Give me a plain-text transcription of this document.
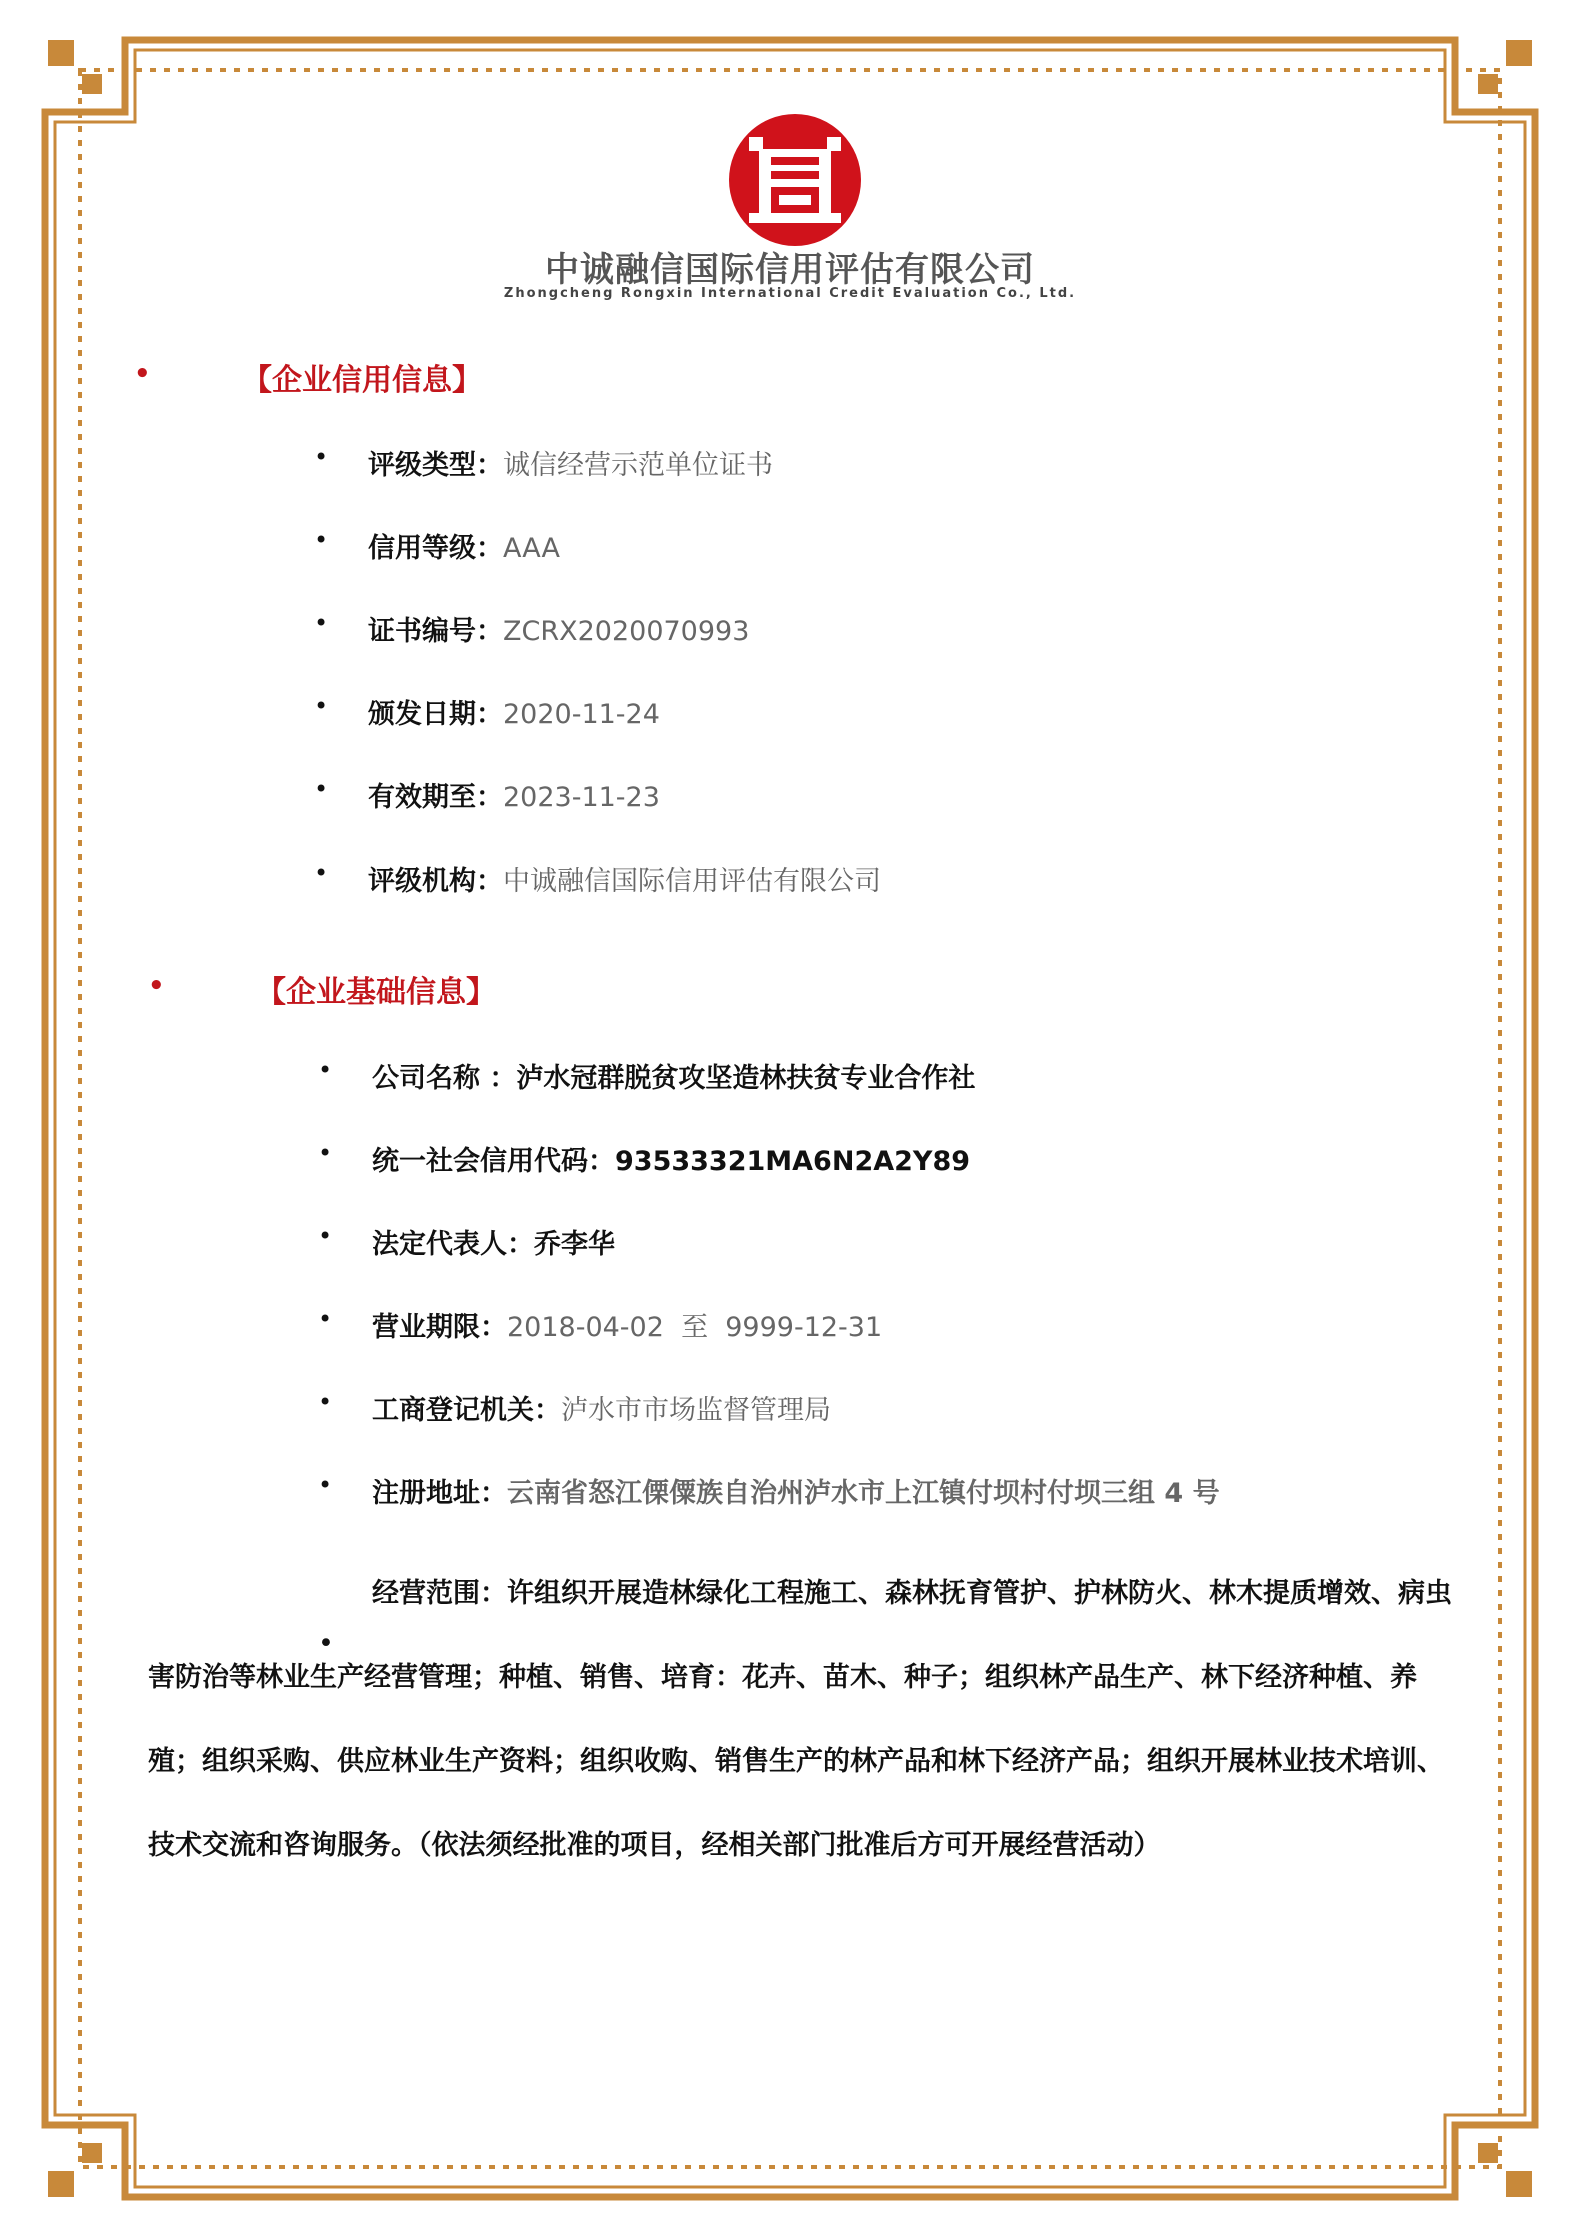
中诚融信国际信用评估有限公司
Zhongcheng Rongxin International Credit Evaluation Co., Ltd.
•	【企业信用信息】
• 评级类型：诚信经营示范单位证书
• 信用等级：AAA
• 证书编号：ZCRX2020070993
• 颁发日期：2020-11-24
• 有效期至：2023-11-23
• 评级机构：中诚融信国际信用评估有限公司
•	【企业基础信息】
• 公司名称 ：泸水冠群脱贫攻坚造林扶贫专业合作社
• 统一社会信用代码：93533321MA6N2A2Y89
• 法定代表人：乔李华
• 营业期限：2018-04-02  至  9999-12-31
• 工商登记机关：泸水市市场监督管理局
• 注册地址：云南省怒江傈僳族自治州泸水市上江镇付坝村付坝三组 4 号
•
经营范围：许组织开展造林绿化工程施工、森林抚育管护、护林防火、林木提质增效、病虫害防治等林业生产经营管理；种植、销售、培育：花卉、苗木、种子；组织林产品生产、林下经济种植、养殖；组织采购、供应林业生产资料；组织收购、销售生产的林产品和林下经济产品；组织开展林业技术培训、技术交流和咨询服务。（依法须经批准的项目，经相关部门批准后方可开展经营活动）
